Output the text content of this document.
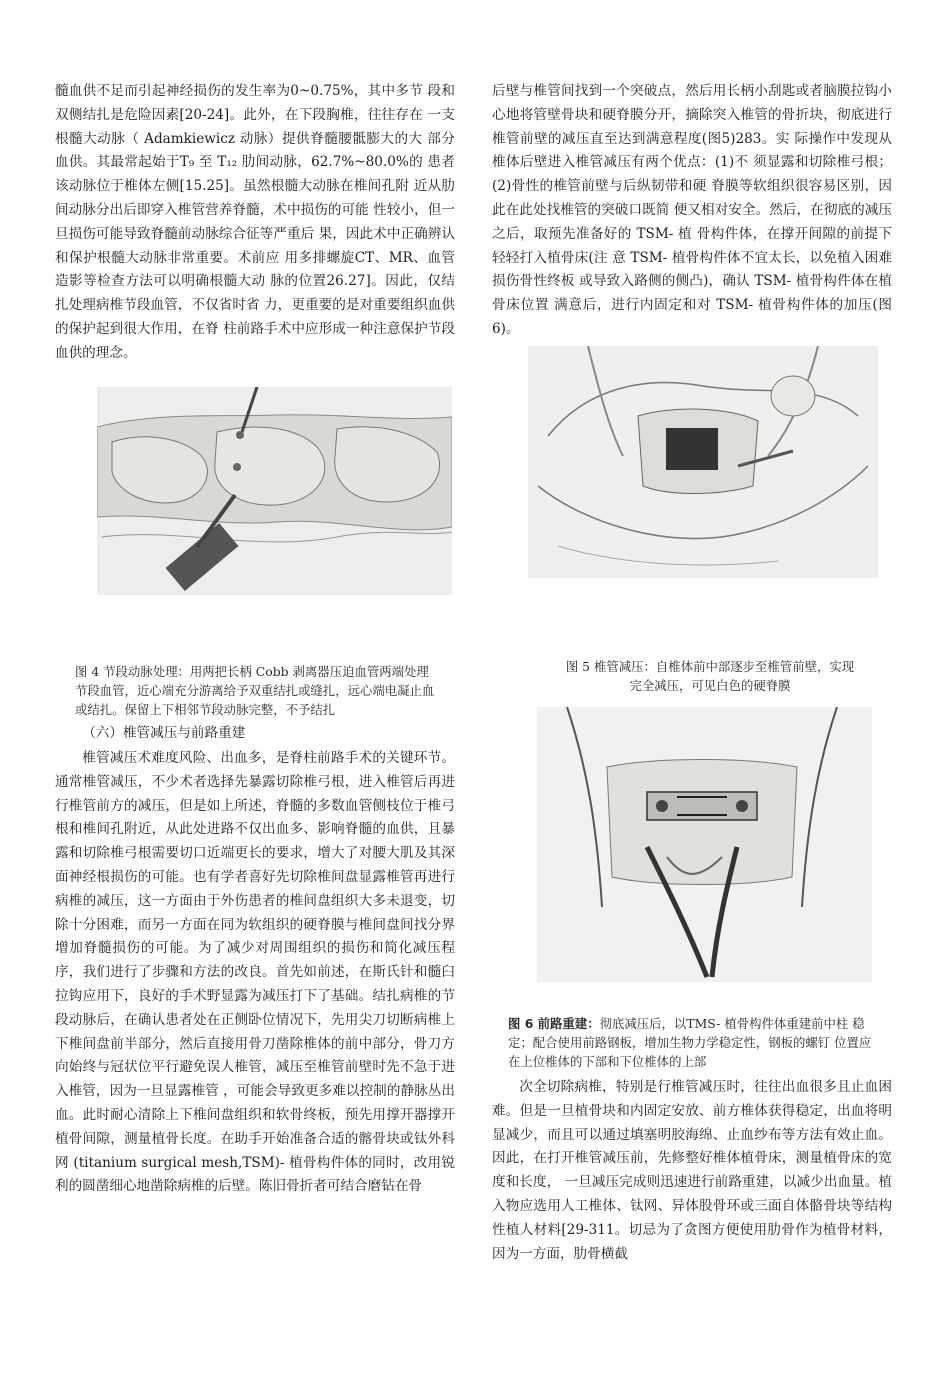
髓血供不足而引起神经损伤的发生率为0~0.75%，其中多节 段和双侧结扎是危险因素[20-24]。此外，在下段胸椎，往往存在 一支根髓大动脉（ Adamkiewicz 动脉）提供脊髓腰骶膨大的大 部分血供。其最常起始于T₉ 至 T₁₂ 肋间动脉，62.7%~80.0%的 患者该动脉位于椎体左侧[15.25]。虽然根髓大动脉在椎间孔附 近从肋间动脉分出后即穿入椎管营养脊髓，术中损伤的可能 性较小，但一旦损伤可能导致脊髓前动脉综合征等严重后 果，因此术中正确辨认和保护根髓大动脉非常重要。术前应 用多排螺旋CT、MR、血管造影等检查方法可以明确根髓大动 脉的位置26.27]。因此，仅结扎处理病椎节段血管，不仅省时省 力，更重要的是对重要组织血供的保护起到很大作用，在脊 柱前路手术中应形成一种注意保护节段血供的理念。

图 4 节段动脉处理：用两把长柄 Cobb 剥离器压迫血管两端处理节段血管，近心端充分游离给予双重结扎或缝扎，远心端电凝止血或结扎。保留上下相邻节段动脉完整，不予结扎

（六）椎管减压与前路重建

椎管减压术难度风险、出血多，是脊柱前路手术的关键环节。通常椎管减压，不少术者选择先暴露切除椎弓根，进入椎管后再进行椎管前方的减压，但是如上所述，脊髓的多数血管侧枝位于椎弓根和椎间孔附近，从此处进路不仅出血多、影响脊髓的血供，且暴露和切除椎弓根需要切口近端更长的要求，增大了对腰大肌及其深面神经根损伤的可能。也有学者喜好先切除椎间盘显露椎管再进行病椎的减压，这一方面由于外伤患者的椎间盘组织大多未退变，切除十分困难，而另一方面在同为软组织的硬脊膜与椎间盘间找分界增加脊髓损伤的可能。为了减少对周围组织的损伤和简化减压程序，我们进行了步骤和方法的改良。首先如前述，在斯氏针和髓臼拉钩应用下，良好的手术野显露为减压打下了基础。结扎病椎的节段动脉后，在确认患者处在正侧卧位情况下，先用尖刀切断病椎上下椎间盘前半部分，然后直接用骨刀凿除椎体的前中部分，骨刀方向始终与冠状位平行避免误人椎管，减压至椎管前壁时先不急于进入椎管，因为一旦显露椎管 ，可能会导致更多难以控制的静脉丛出血。此时耐心清除上下椎间盘组织和软骨终板，预先用撑开器撑开植骨间隙，测量植骨长度。在助手开始准备合适的髂骨块或钛外科网 (titanium surgical mesh,TSM)- 植骨构件体的同时，改用锐利的圆凿细心地凿除病椎的后壁。陈旧骨折者可结合磨钻在骨

后壁与椎管间找到一个突破点，然后用长柄小刮匙或者脑膜拉钩小心地将管壁骨块和硬脊膜分开，摘除突入椎管的骨折块，彻底进行椎管前壁的减压直至达到满意程度(图5)283。实 际操作中发现从椎体后壁进入椎管减压有两个优点：(1)不 须显露和切除椎弓根；(2)骨性的椎管前壁与后纵韧带和硬 脊膜等软组织很容易区别，因此在此处找椎管的突破口既简 便又相对安全。然后，在彻底的减压之后，取预先准备好的 TSM- 植 骨构件体，在撑开间隙的前提下轻轻打入植骨床(注 意 TSM- 植骨构件体不宜太长，以免植入困难损伤骨性终板 或导致入路侧的侧凸)，确认 TSM- 植骨构件体在植骨床位置 满意后，进行内固定和对 TSM- 植骨构件体的加压(图 6)。

图 5 椎管减压：自椎体前中部逐步至椎管前壁，实现完全减压，可见白色的硬脊膜
图 6 前路重建：彻底减压后，以TMS- 植骨构件体重建前中柱 稳 定；配合使用前路钢板，增加生物力学稳定性，钢板的螺钉 位置应在上位椎体的下部和下位椎体的上部

次全切除病椎，特别是行椎管减压时，往往出血很多且止血困难。但是一旦植骨块和内固定安放、前方椎体获得稳定，出血将明显减少，而且可以通过填塞明胶海绵、止血纱布等方法有效止血。因此，在打开椎管减压前，先修整好椎体植骨床，测量植骨床的宽度和长度， 一旦减压完成则迅速进行前路重建，以减少出血量。植入物应选用人工椎体、钛网、异体股骨环或三面自体骼骨块等结构性植人材料[29-311。切忌为了贪图方便使用肋骨作为植骨材料，因为一方面，肋骨横截
